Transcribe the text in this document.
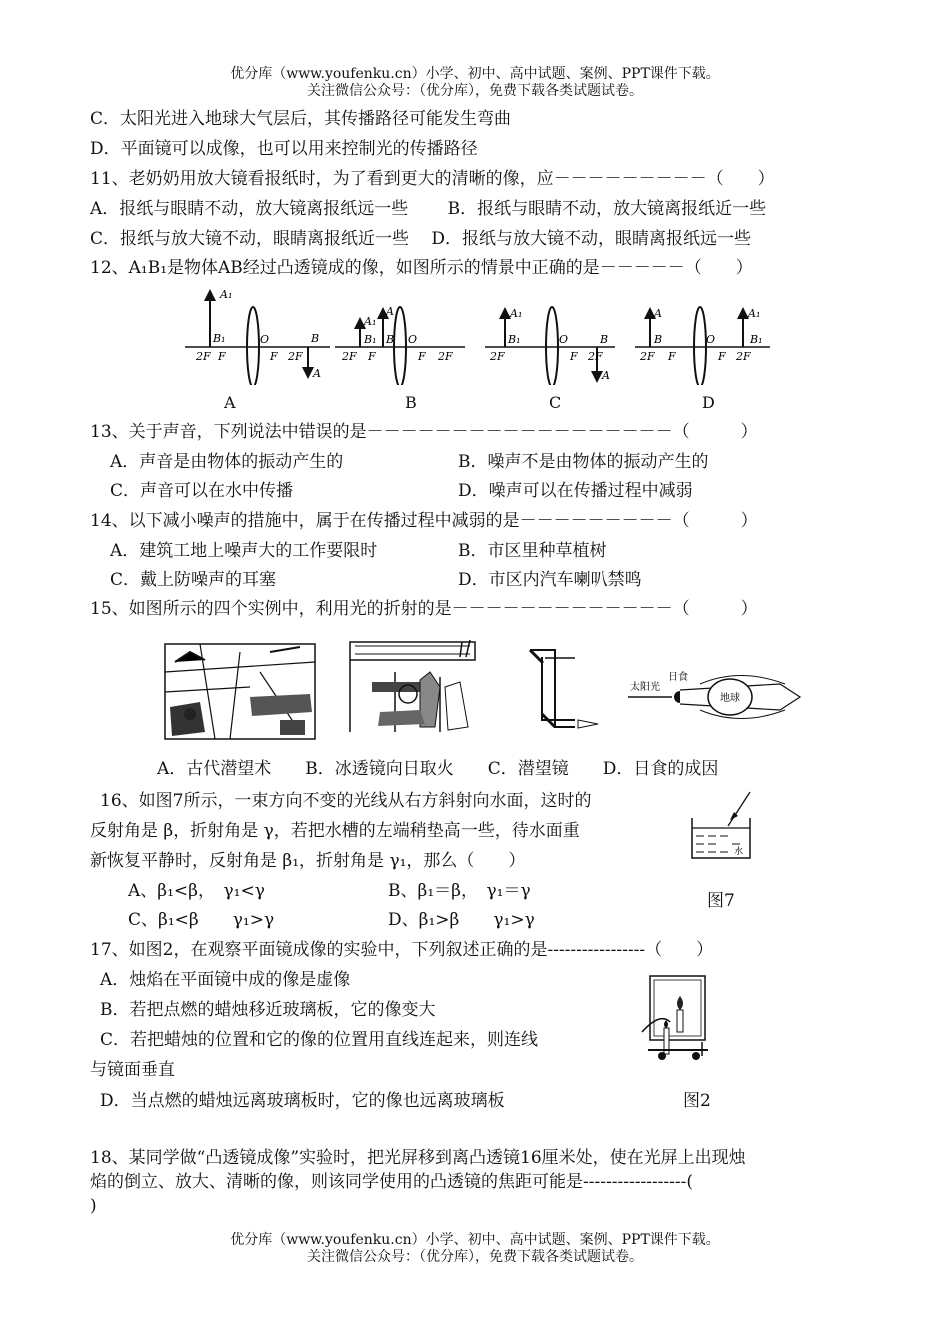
优分库（www.youfenku.cn）小学、初中、高中试题、案例、PPT课件下载。
关注微信公众号：（优分库），免费下载各类试题试卷。
C．太阳光进入地球大气层后，其传播路径可能发生弯曲
D．平面镜可以成像，也可以用来控制光的传播路径
11、老奶奶用放大镜看报纸时，为了看到更大的清晰的像，应－－－－－－－－－（　　）
A．报纸与眼睛不动，放大镜离报纸远一些　　 B．报纸与眼睛不动，放大镜离报纸近一些
C．报纸与放大镜不动，眼睛离报纸近一些　 D．报纸与放大镜不动，眼睛离报纸远一些
12、A₁B₁是物体AB经过凸透镜成的像，如图所示的情景中正确的是－－－－－（　　）
A₁
B₁	O	B
A
2F F	F 2F
A₁
A
B₁ B O
2F F	F 2F
A₁
B₁	O	B
A
2F	F 2F
A	A₁
B	O	B₁
2F F	F 2F
A	B	C	D
13、关于声音，下列说法中错误的是－－－－－－－－－－－－－－－－－－（　　　）
A．声音是由物体的振动产生的	B．噪声不是由物体的振动产生的
C．声音可以在水中传播	D．噪声可以在传播过程中减弱
14、以下减小噪声的措施中，属于在传播过程中减弱的是－－－－－－－－－（　　　）
A．建筑工地上噪声大的工作要限时	B．市区里种草植树
C．戴上防噪声的耳塞	D．市区内汽车喇叭禁鸣
15、如图所示的四个实例中，利用光的折射的是－－－－－－－－－－－－－（　　　）
太阳光
日食
地球
A．古代潜望术　　B．冰透镜向日取火　　C．潜望镜　　D．日食的成因
16、如图7所示，一束方向不变的光线从右方斜射向水面，这时的
反射角是 β，折射角是 γ，若把水槽的左端稍垫高一些，待水面重
新恢复平静时，反射角是 β₁，折射角是 γ₁，那么（　　）
A、β₁<β，　γ₁<γ	B、β₁＝β，　γ₁＝γ
C、β₁<β　　γ₁>γ	D、β₁>β　　γ₁>γ
水
图7
17、如图2，在观察平面镜成像的实验中，下列叙述正确的是-----------------（　　）
A．烛焰在平面镜中成的像是虚像
B．若把点燃的蜡烛移近玻璃板，它的像变大
C．若把蜡烛的位置和它的像的位置用直线连起来，则连线
与镜面垂直
D．当点燃的蜡烛远离玻璃板时，它的像也远离玻璃板	图2
18、某同学做“凸透镜成像”实验时，把光屏移到离凸透镜16厘米处，使在光屏上出现烛
焰的倒立、放大、清晰的像，则该同学使用的凸透镜的焦距可能是------------------(
)
优分库（www.youfenku.cn）小学、初中、高中试题、案例、PPT课件下载。
关注微信公众号：（优分库），免费下载各类试题试卷。
